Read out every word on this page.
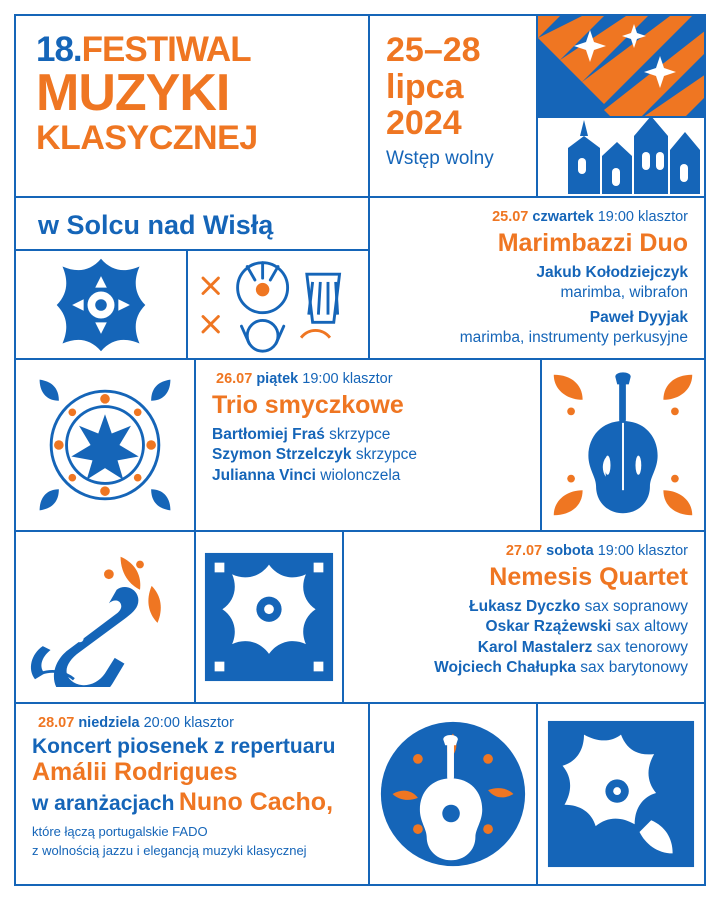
18.FESTIWAL
MUZYKI
KLASYCZNEJ
25–28
lipca
2024
Wstęp wolny
w Solcu nad Wisłą	25.07 czwartek 19:00 klasztor
Marimbazzi Duo
Jakub Kołodziejczyk
marimba, wibrafon
Paweł Dyyjak
marimba, instrumenty perkusyjne
26.07 piątek 19:00 klasztor
Trio smyczkowe
Bartłomiej Fraś skrzypce
Szymon Strzelczyk skrzypce
Julianna Vinci wiolonczela
27.07 sobota 19:00 klasztor
Nemesis Quartet
Łukasz Dyczko sax sopranowy
Oskar Rzążewski sax altowy
Karol Mastalerz sax tenorowy
Wojciech Chałupka sax barytonowy
28.07 niedziela 20:00 klasztor
Koncert piosenek z repertuaru
Amálii Rodrigues
w aranżacjach Nuno Cacho,
które łączą portugalskie FADO
z wolnością jazzu i elegancją muzyki klasycznej
